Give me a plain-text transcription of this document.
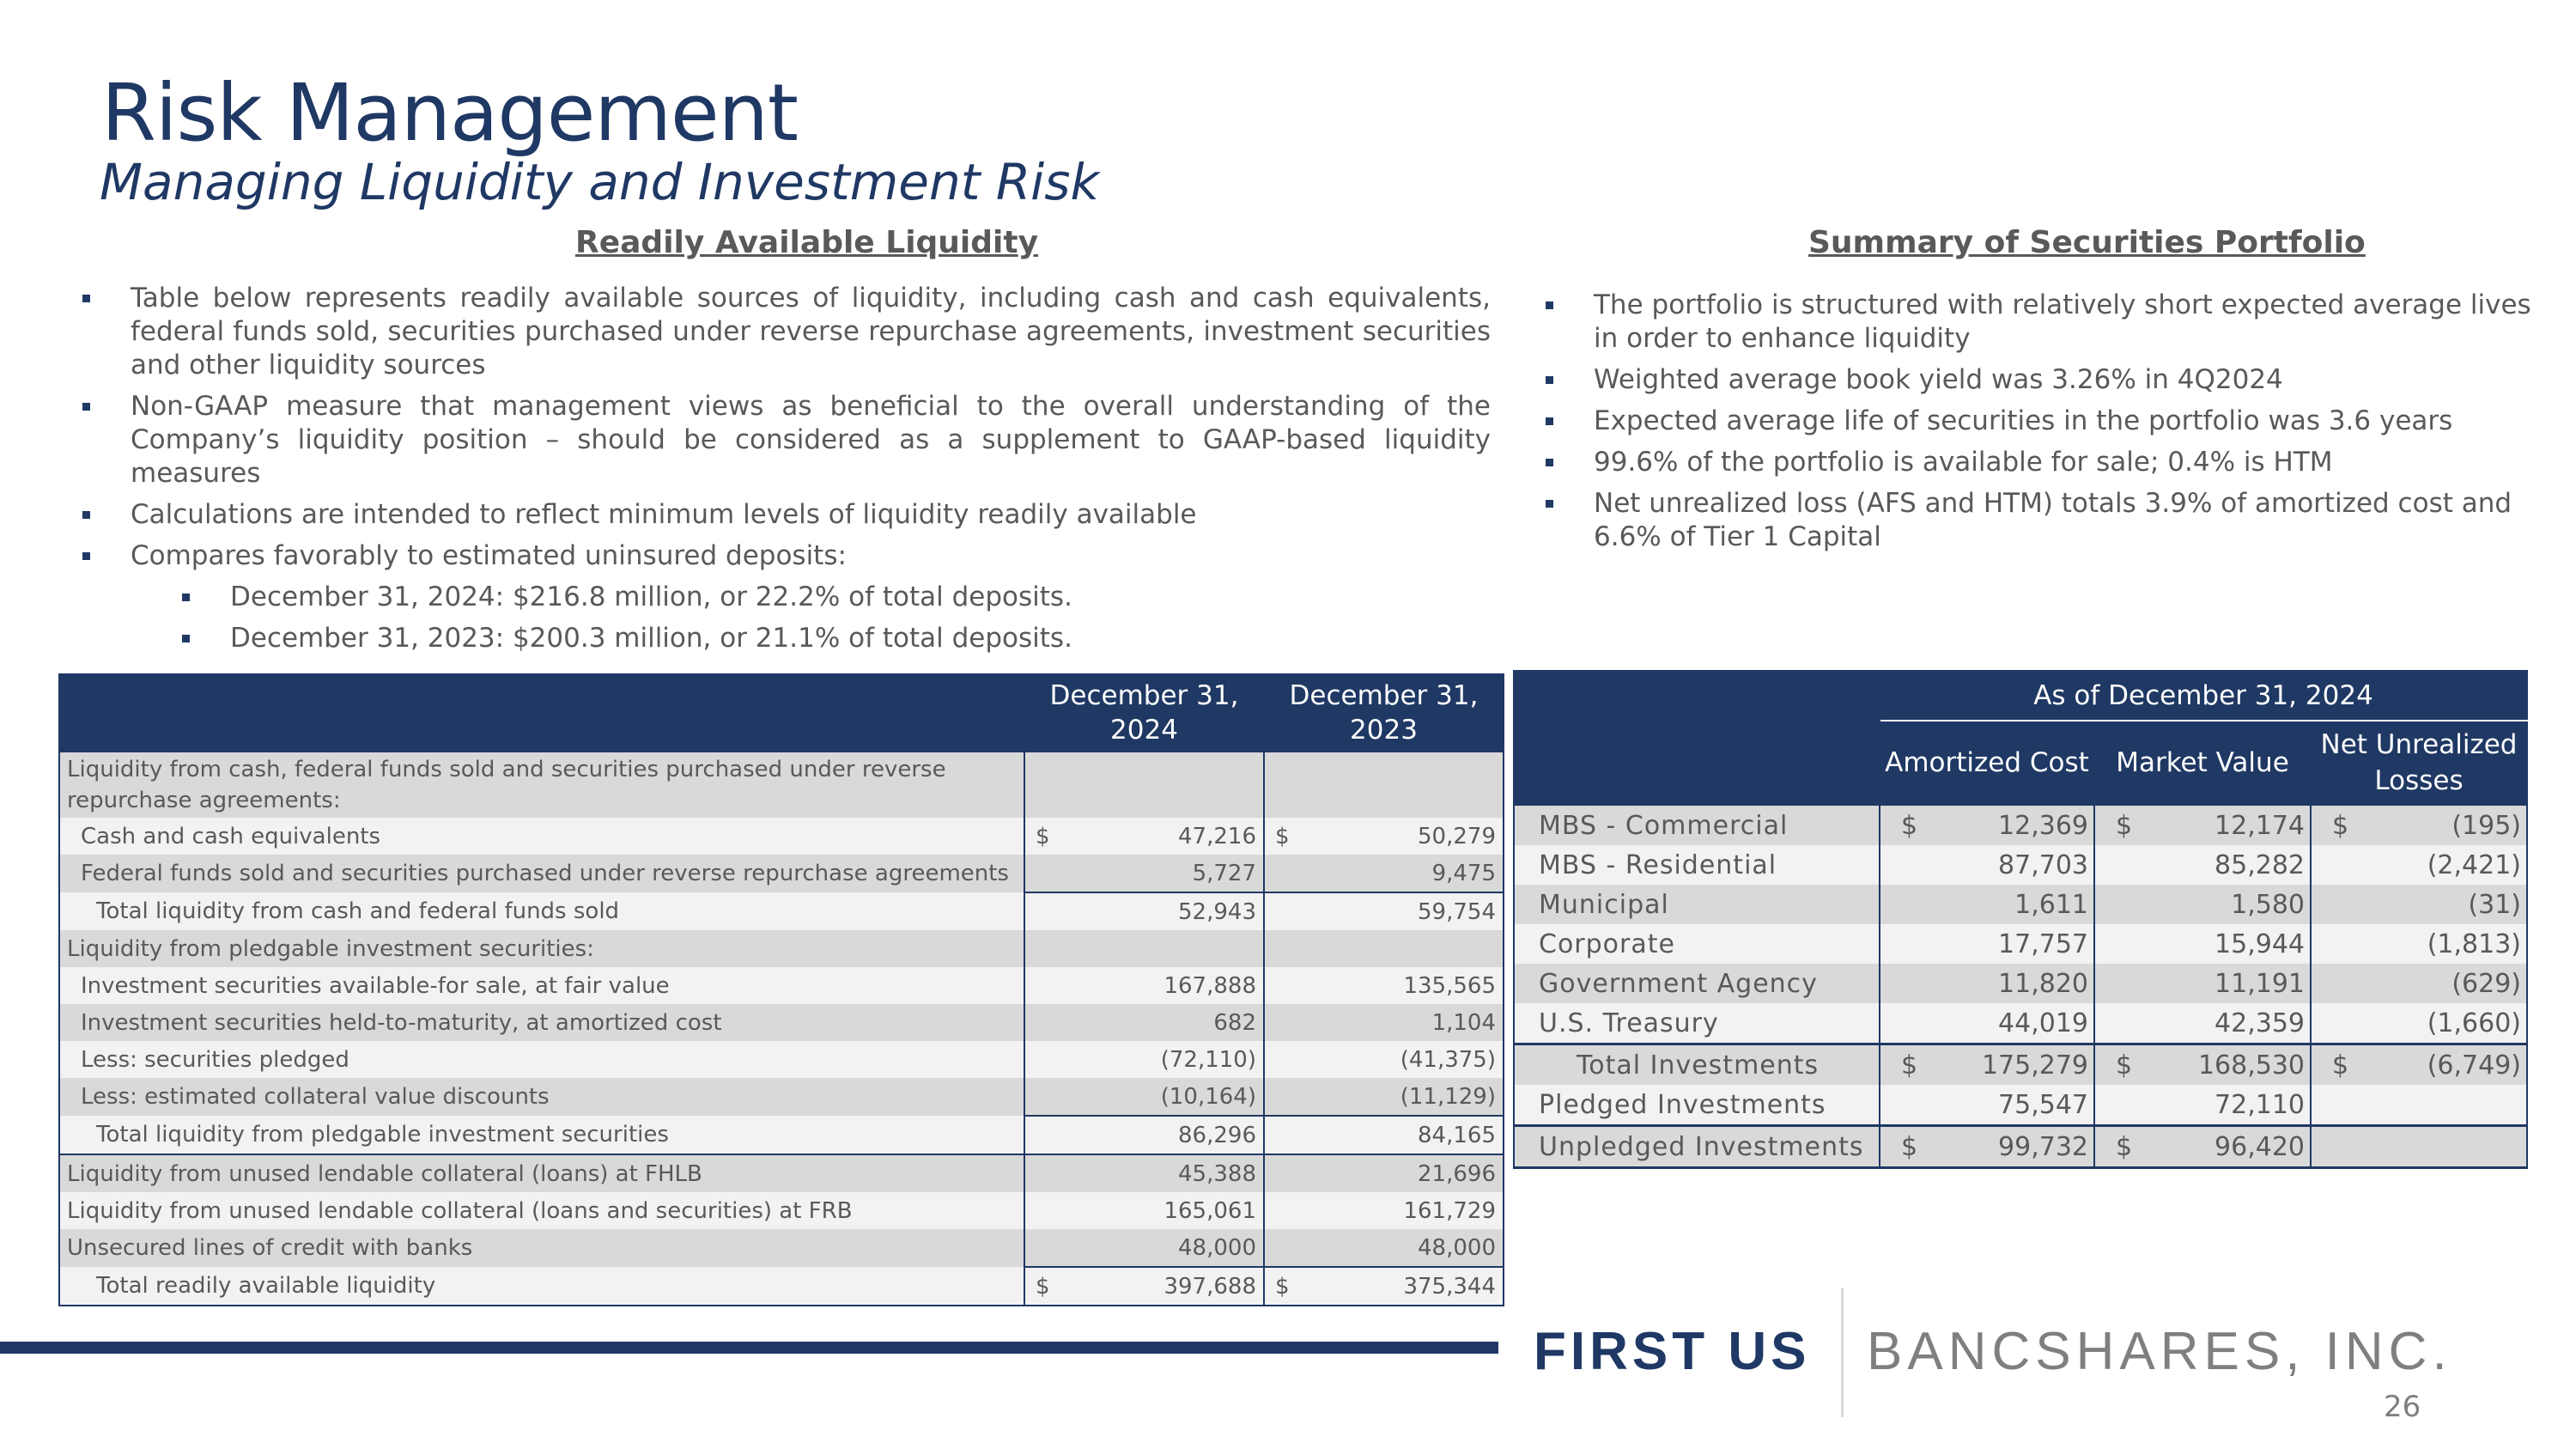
Risk Management
Managing Liquidity and Investment Risk
Readily Available Liquidity	Summary of Securities Portfolio
Table below represents readily available sources of liquidity, including cash and cash equivalents, federal funds sold, securities purchased under reverse repurchase agreements, investment securities and other liquidity sources
Non-GAAP measure that management views as beneficial to the overall understanding of the Company’s liquidity position – should be considered as a supplement to GAAP-based liquidity measures
Calculations are intended to reflect minimum levels of liquidity readily available
Compares favorably to estimated uninsured deposits:
December 31, 2024: $216.8 million, or 22.2% of total deposits.
December 31, 2023: $200.3 million, or 21.1% of total deposits.
The portfolio is structured with relatively short expected average lives in order to enhance liquidity
Weighted average book yield was 3.26% in 4Q2024
Expected average life of securities in the portfolio was 3.6 years
99.6% of the portfolio is available for sale; 0.4% is HTM
Net unrealized loss (AFS and HTM) totals 3.9% of amortized cost and 6.6% of Tier 1 Capital
	December 31, 2024	December 31, 2023
Liquidity from cash, federal funds sold and securities purchased under reverse repurchase agreements:		
Cash and cash equivalents	$ 47,216	$ 50,279
Federal funds sold and securities purchased under reverse repurchase agreements	5,727	9,475
Total liquidity from cash and federal funds sold	52,943	59,754
Liquidity from pledgable investment securities:		
Investment securities available-for sale, at fair value	167,888	135,565
Investment securities held-to-maturity, at amortized cost	682	1,104
Less: securities pledged	(72,110)	(41,375)
Less: estimated collateral value discounts	(10,164)	(11,129)
Total liquidity from pledgable investment securities	86,296	84,165
Liquidity from unused lendable collateral (loans) at FHLB	45,388	21,696
Liquidity from unused lendable collateral (loans and securities) at FRB	165,061	161,729
Unsecured lines of credit with banks	48,000	48,000
Total readily available liquidity	$ 397,688	$ 375,344
	As of December 31, 2024		
	Amortized Cost	Market Value	Net Unrealized Losses
MBS - Commercial	$ 12,369	$ 12,174	$ (195)
MBS - Residential	87,703	85,282	(2,421)
Municipal	1,611	1,580	(31)
Corporate	17,757	15,944	(1,813)
Government Agency	11,820	11,191	(629)
U.S. Treasury	44,019	42,359	(1,660)
Total Investments	$ 175,279	$ 168,530	$ (6,749)
Pledged Investments	75,547	72,110	

Unpledged Investments	$ 99,732	$ 96,420	
FIRST US BANCSHARES, INC.
26
